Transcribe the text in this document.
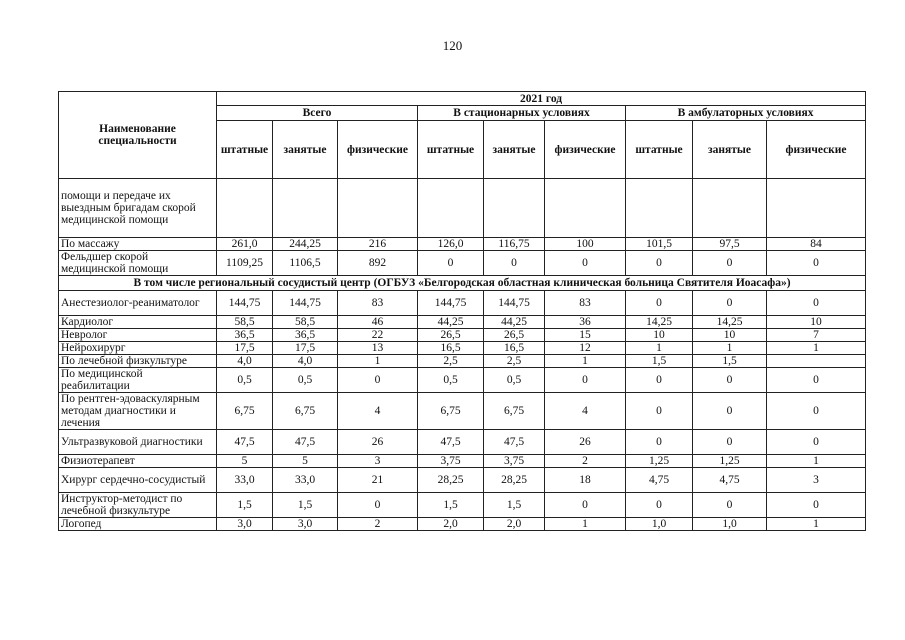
120
Наименование специальности	2021 год								
	Всего			В стационарных условиях			В амбулаторных условиях		
	штатные	занятые	физические	штатные	занятые	физические	штатные	занятые	физические
помощи и передаче их выездным бригадам скорой медицинской помощи									
По массажу	261,0	244,25	216	126,0	116,75	100	101,5	97,5	84
Фельдшер скорой медицинской помощи	1109,25	1106,5	892	0	0	0	0	0	0
В том числе региональный сосудистый центр (ОГБУЗ «Белгородская областная клиническая больница Святителя Иоасафа»)									
Анестезиолог-реаниматолог	144,75	144,75	83	144,75	144,75	83	0	0	0
Кардиолог	58,5	58,5	46	44,25	44,25	36	14,25	14,25	10
Невролог	36,5	36,5	22	26,5	26,5	15	10	10	7
Нейрохирург	17,5	17,5	13	16,5	16,5	12	1	1	1
По лечебной физкультуре	4,0	4,0	1	2,5	2,5	1	1,5	1,5	
По медицинской реабилитации	0,5	0,5	0	0,5	0,5	0	0	0	0
По рентген-эдоваскулярным методам диагностики и лечения	6,75	6,75	4	6,75	6,75	4	0	0	0
Ультразвуковой диагностики	47,5	47,5	26	47,5	47,5	26	0	0	0
Физиотерапевт	5	5	3	3,75	3,75	2	1,25	1,25	1
Хирург сердечно-сосудистый	33,0	33,0	21	28,25	28,25	18	4,75	4,75	3
Инструктор-методист по лечебной физкультуре	1,5	1,5	0	1,5	1,5	0	0	0	0
Логопед	3,0	3,0	2	2,0	2,0	1	1,0	1,0	1
